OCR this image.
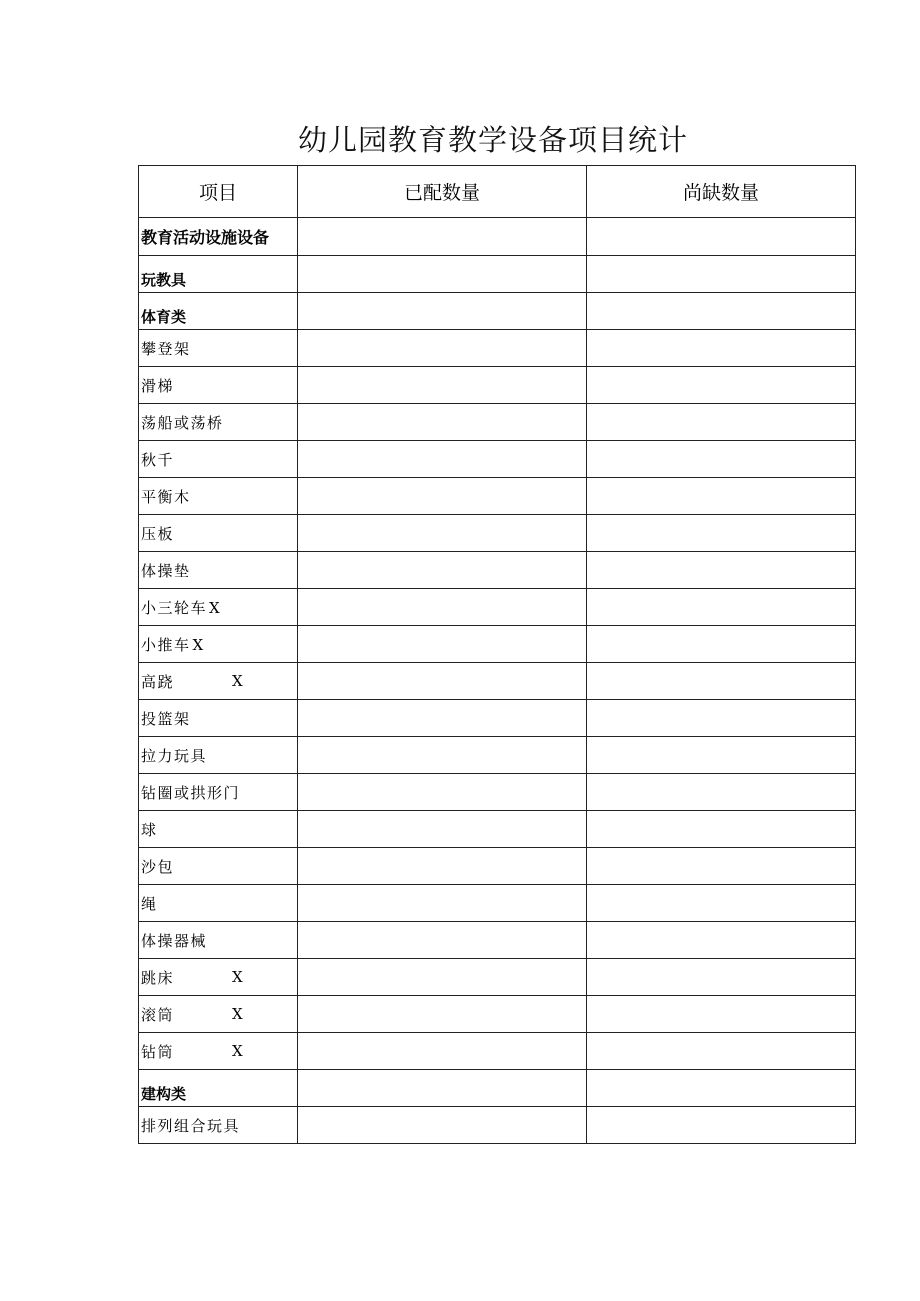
幼儿园教育教学设备项目统计
项目	已配数量	尚缺数量
教育活动设施设备		
玩教具		
体育类		
攀登架		
滑梯		
荡船或荡桥		
秋千		
平衡木		
压板		
体操垫		
小三轮车 X		
小推车 X		
高跷 X		

投篮架		
拉力玩具		
钻圈或拱形门		
球		
沙包		
绳		
体操器械		
跳床 X		

滚筒 X		

钻筒 X		

建构类		
排列组合玩具		
